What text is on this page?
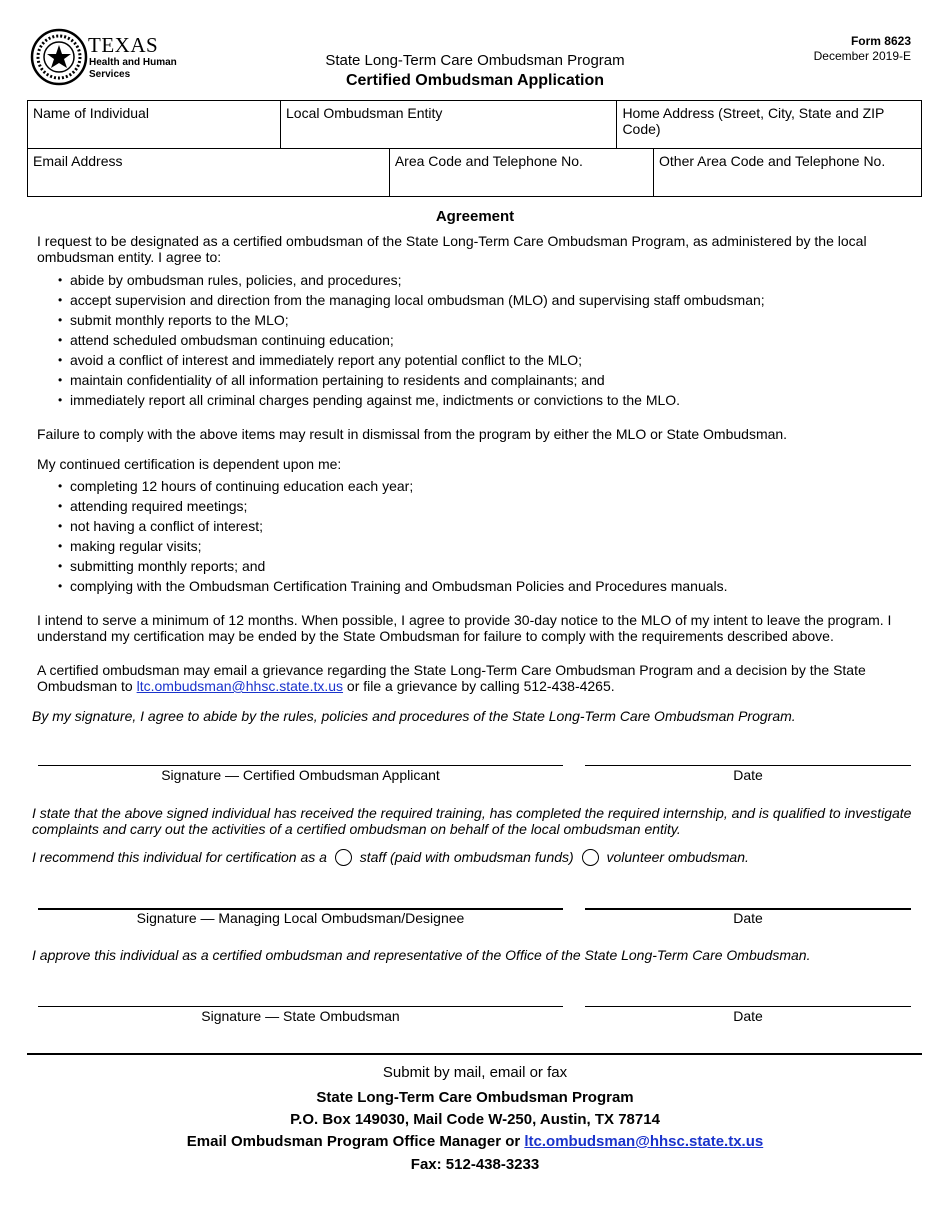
TEXAS
Health and Human
Services
State Long-Term Care Ombudsman Program
Certified Ombudsman Application
Form 8623
December 2019-E
Name of Individual	Local Ombudsman Entity		Home Address (Street, City, State and ZIP Code)	
Email Address		Area Code and Telephone No.		Other Area Code and Telephone No.
Agreement
I request to be designated as a certified ombudsman of the State Long-Term Care Ombudsman Program, as administered by the local ombudsman entity. I agree to:
• abide by ombudsman rules, policies, and procedures;
• accept supervision and direction from the managing local ombudsman (MLO) and supervising staff ombudsman;
• submit monthly reports to the MLO;
• attend scheduled ombudsman continuing education;
• avoid a conflict of interest and immediately report any potential conflict to the MLO;
• maintain confidentiality of all information pertaining to residents and complainants; and
• immediately report all criminal charges pending against me, indictments or convictions to the MLO.
Failure to comply with the above items may result in dismissal from the program by either the MLO or State Ombudsman.
My continued certification is dependent upon me:
• completing 12 hours of continuing education each year;
• attending required meetings;
• not having a conflict of interest;
• making regular visits;
• submitting monthly reports; and
• complying with the Ombudsman Certification Training and Ombudsman Policies and Procedures manuals.
I intend to serve a minimum of 12 months. When possible, I agree to provide 30-day notice to the MLO of my intent to leave the program. I understand my certification may be ended by the State Ombudsman for failure to comply with the requirements described above.
A certified ombudsman may email a grievance regarding the State Long-Term Care Ombudsman Program and a decision by the State Ombudsman to ltc.ombudsman@hhsc.state.tx.us or file a grievance by calling 512-438-4265.
By my signature, I agree to abide by the rules, policies and procedures of the State Long-Term Care Ombudsman Program.
Signature — Certified Ombudsman Applicant	Date
I state that the above signed individual has received the required training, has completed the required internship, and is qualified to investigate complaints and carry out the activities of a certified ombudsman on behalf of the local ombudsman entity.
I recommend this individual for certification as a staff (paid with ombudsman funds) volunteer ombudsman.
Signature — Managing Local Ombudsman/Designee	Date
I approve this individual as a certified ombudsman and representative of the Office of the State Long-Term Care Ombudsman.
Signature — State Ombudsman	Date
Submit by mail, email or fax
State Long-Term Care Ombudsman Program
P.O. Box 149030, Mail Code W-250, Austin, TX 78714
Email Ombudsman Program Office Manager or ltc.ombudsman@hhsc.state.tx.us
Fax: 512-438-3233
